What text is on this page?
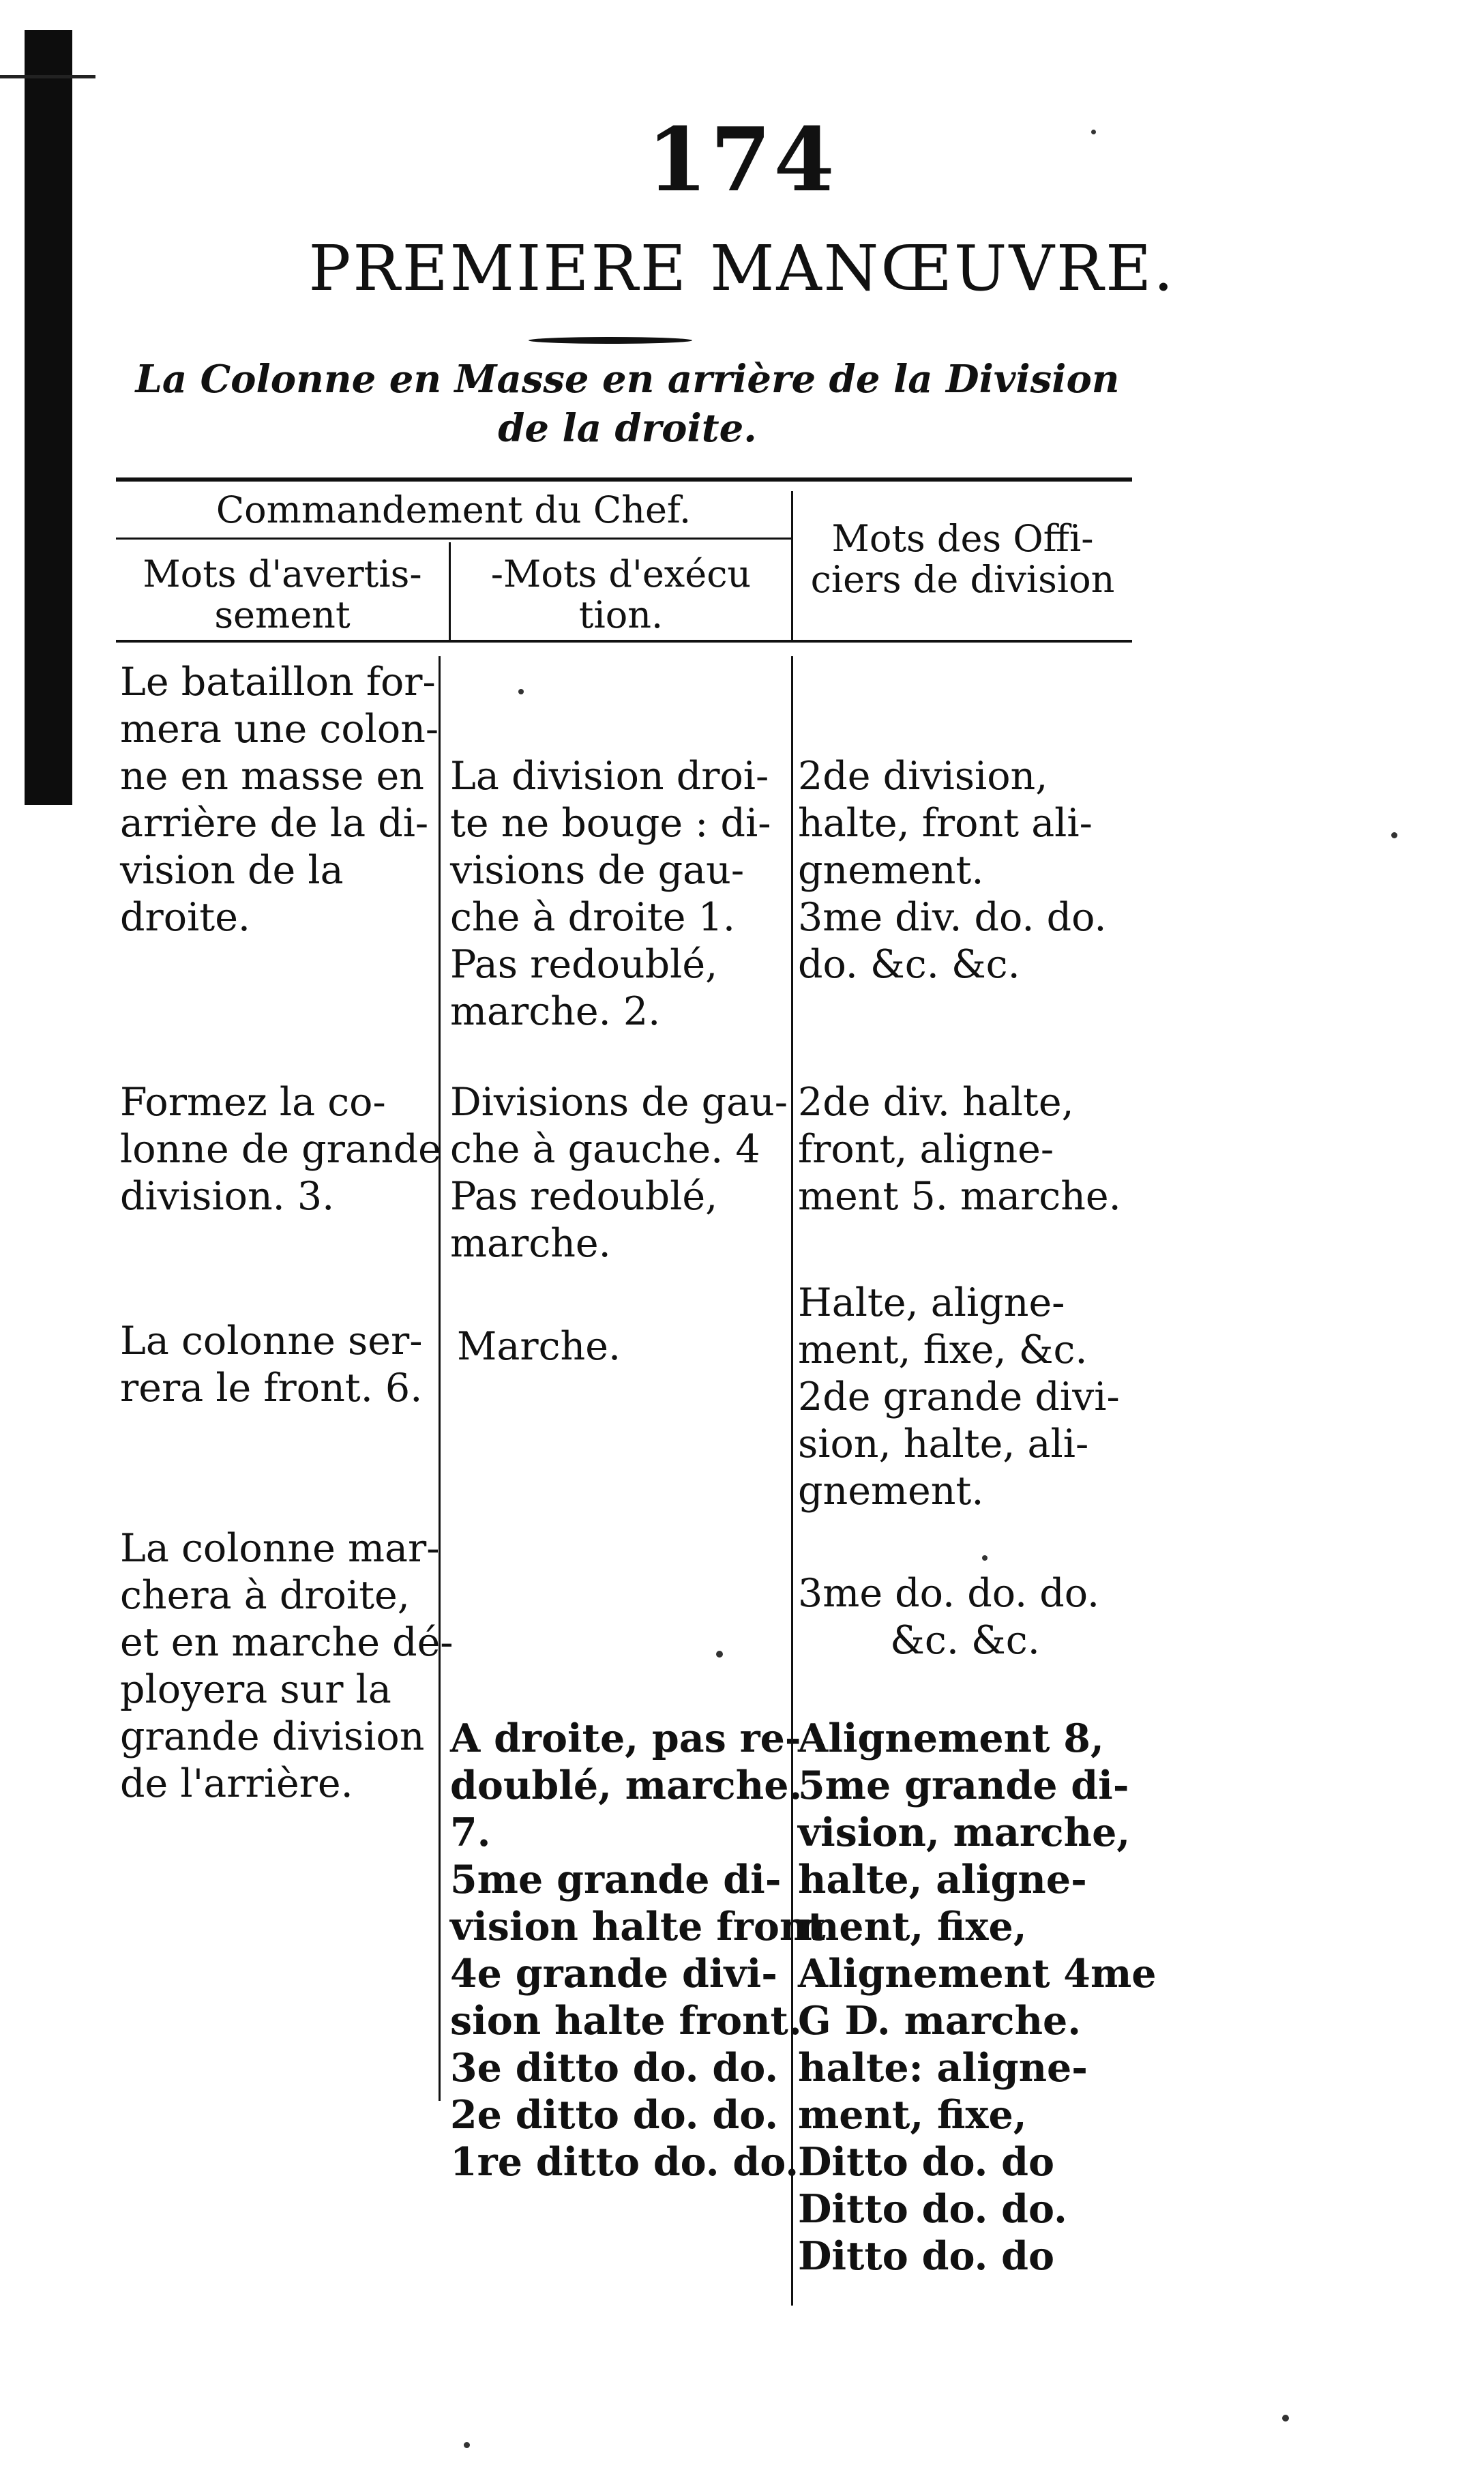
174
PREMIERE MANŒUVRE.
La Colonne en Masse en arrière de la Division
de la droite.
Commandement du Chef.
Mots d'avertis-
sement
-Mots d'exécu
tion.
Mots des Offi-
ciers de division
Le bataillon for-
mera une colon-
ne en masse en
arrière de la di-
vision de la
droite.
La division droi-
te ne bouge : di-
visions de gau-
che à droite 1.
Pas redoublé,
marche. 2.
2de division,
halte, front ali-
gnement.
3me div. do. do.
do. &c. &c.
Formez la co-
lonne de grande
division. 3.
Divisions de gau-
che à gauche. 4
Pas redoublé,
marche.
2de div. halte,
front, aligne-
ment 5. marche.
La colonne ser-
rera le front. 6.
Marche.
Halte, aligne-
ment, fixe, &c.
2de grande divi-
sion, halte, ali-
gnement.
La colonne mar-
chera à droite,
et en marche dé-
ployera sur la
grande division
de l'arrière.
3me do. do. do.
&c. &c.
A droite, pas re-
doublé, marche.
7.
5me grande di-
vision halte front
4e grande divi-
sion halte front.
3e ditto do. do.
2e ditto do. do.
1re ditto do. do.
Alignement 8,
5me grande di-
vision, marche,
halte, aligne-
ment, fixe,
Alignement 4me
G D. marche.
halte: aligne-
ment, fixe,
Ditto do. do
Ditto do. do.
Ditto do. do
